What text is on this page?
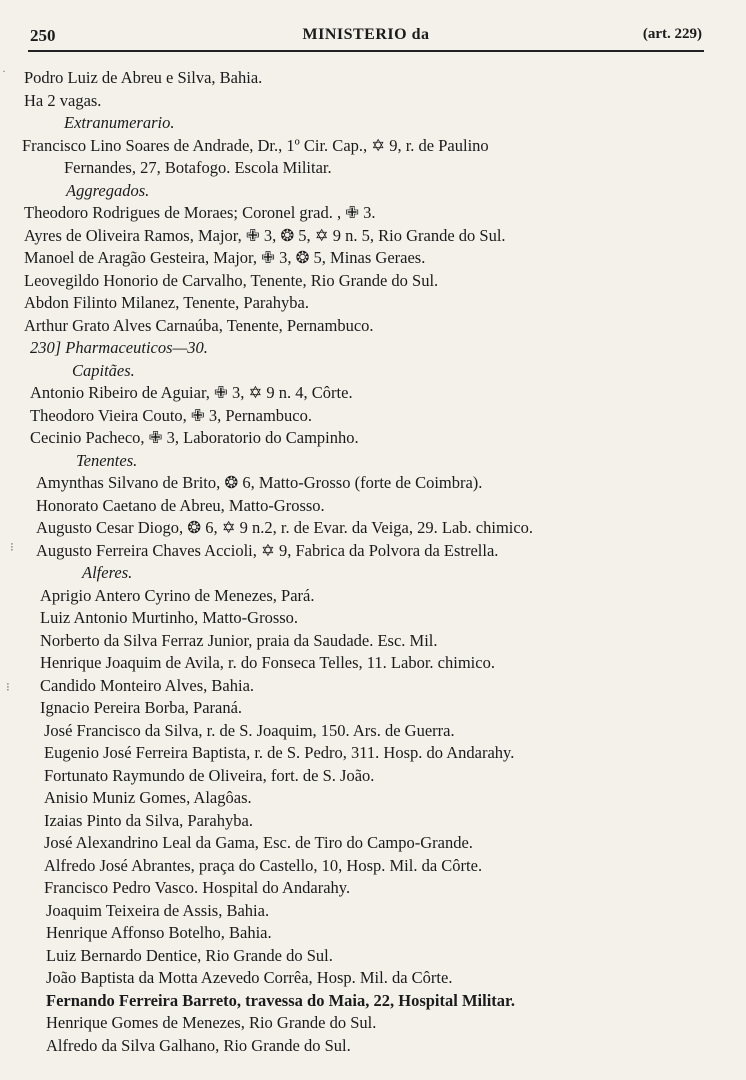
250	MINISTERIO da	(art. 229)
Podro Luiz de Abreu e Silva, Bahia.
Ha 2 vagas.
Extranumerario.
Francisco Lino Soares de Andrade, Dr., 1º Cir. Cap., ✡ 9, r. de Paulino
Fernandes, 27, Botafogo. Escola Militar.
Aggregados.
Theodoro Rodrigues de Moraes; Coronel grad. , ✙ 3.
Ayres de Oliveira Ramos, Major, ✙ 3, ❂ 5, ✡ 9 n. 5, Rio Grande do Sul.
Manoel de Aragão Gesteira, Major, ✙ 3, ❂ 5, Minas Geraes.
Leovegildo Honorio de Carvalho, Tenente, Rio Grande do Sul.
Abdon Filinto Milanez, Tenente, Parahyba.
Arthur Grato Alves Carnaúba, Tenente, Pernambuco.
230] Pharmaceuticos—30.
Capitães.
Antonio Ribeiro de Aguiar, ✙ 3, ✡ 9 n. 4, Côrte.
Theodoro Vieira Couto, ✙ 3, Pernambuco.
Cecinio Pacheco, ✙ 3, Laboratorio do Campinho.
Tenentes.
Amynthas Silvano de Brito, ❂ 6, Matto-Grosso (forte de Coimbra).
Honorato Caetano de Abreu, Matto-Grosso.
Augusto Cesar Diogo, ❂ 6, ✡ 9 n.2, r. de Evar. da Veiga, 29. Lab. chimico.
Augusto Ferreira Chaves Accioli, ✡ 9, Fabrica da Polvora da Estrella.
Alferes.
Aprigio Antero Cyrino de Menezes, Pará.
Luiz Antonio Murtinho, Matto-Grosso.
Norberto da Silva Ferraz Junior, praia da Saudade. Esc. Mil.
Henrique Joaquim de Avila, r. do Fonseca Telles, 11. Labor. chimico.
Candido Monteiro Alves, Bahia.
Ignacio Pereira Borba, Paraná.
José Francisco da Silva, r. de S. Joaquim, 150. Ars. de Guerra.
Eugenio José Ferreira Baptista, r. de S. Pedro, 311. Hosp. do Andarahy.
Fortunato Raymundo de Oliveira, fort. de S. João.
Anisio Muniz Gomes, Alagôas.
Izaias Pinto da Silva, Parahyba.
José Alexandrino Leal da Gama, Esc. de Tiro do Campo-Grande.
Alfredo José Abrantes, praça do Castello, 10, Hosp. Mil. da Côrte.
Francisco Pedro Vasco. Hospital do Andarahy.
Joaquim Teixeira de Assis, Bahia.
Henrique Affonso Botelho, Bahia.
Luiz Bernardo Dentice, Rio Grande do Sul.
João Baptista da Motta Azevedo Corrêa, Hosp. Mil. da Côrte.
Fernando Ferreira Barreto, travessa do Maia, 22, Hospital Militar.
Henrique Gomes de Menezes, Rio Grande do Sul.
Alfredo da Silva Galhano, Rio Grande do Sul.
·
⁝
⁝
